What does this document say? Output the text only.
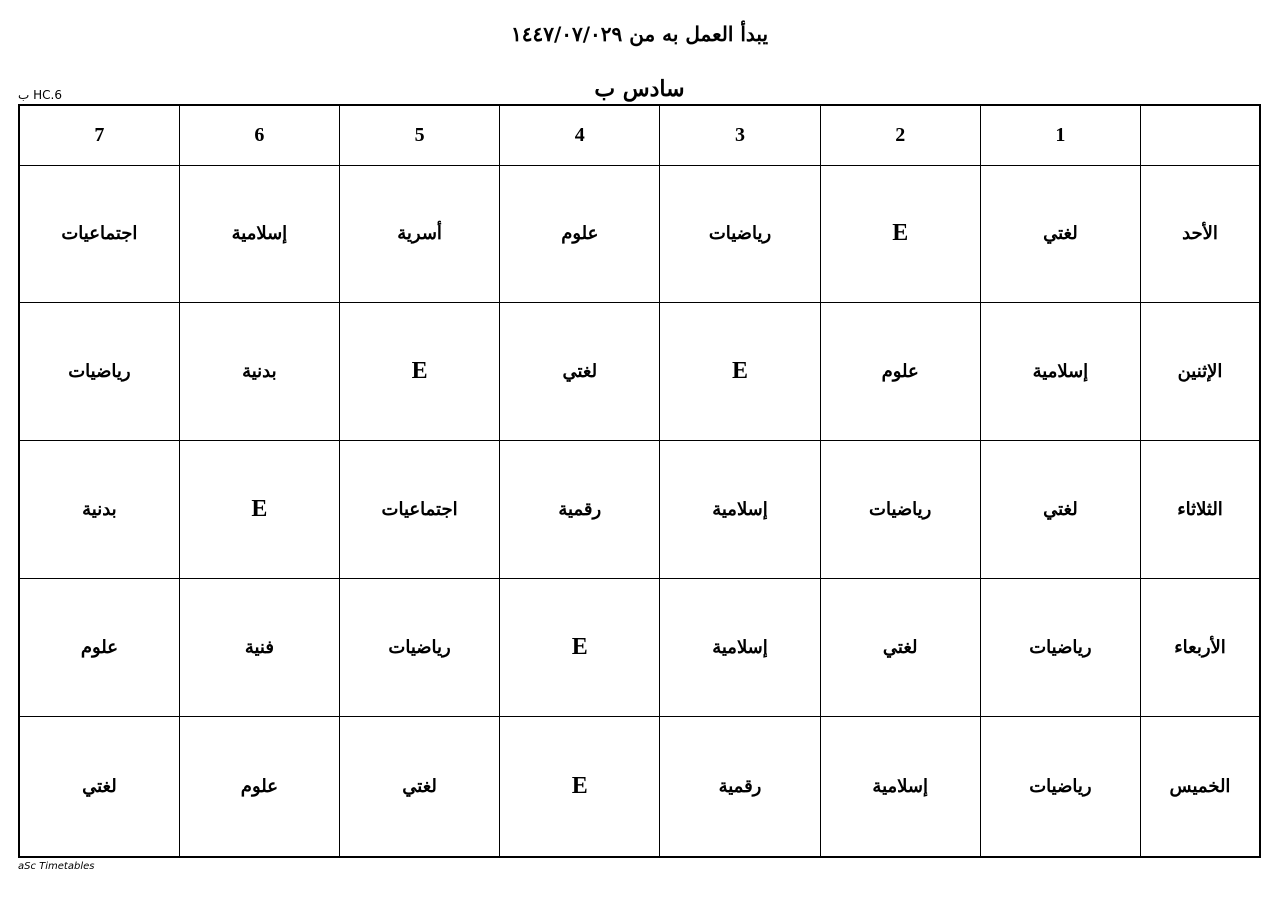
يبدأ العمل به من ١٤٤٧/٠٧/٠٢٩
سادس ب
HC.6 ب
	1	2	3	4	5	6	7
الأحد	لغتي	E	رياضيات	علوم	أسرية	إسلامية	اجتماعيات
الإثنين	إسلامية	علوم	E	لغتي	E	بدنية	رياضيات
الثلاثاء	لغتي	رياضيات	إسلامية	رقمية	اجتماعيات	E	بدنية
الأربعاء	رياضيات	لغتي	إسلامية	E	رياضيات	فنية	علوم
الخميس	رياضيات	إسلامية	رقمية	E	لغتي	علوم	لغتي
aSc Timetables
